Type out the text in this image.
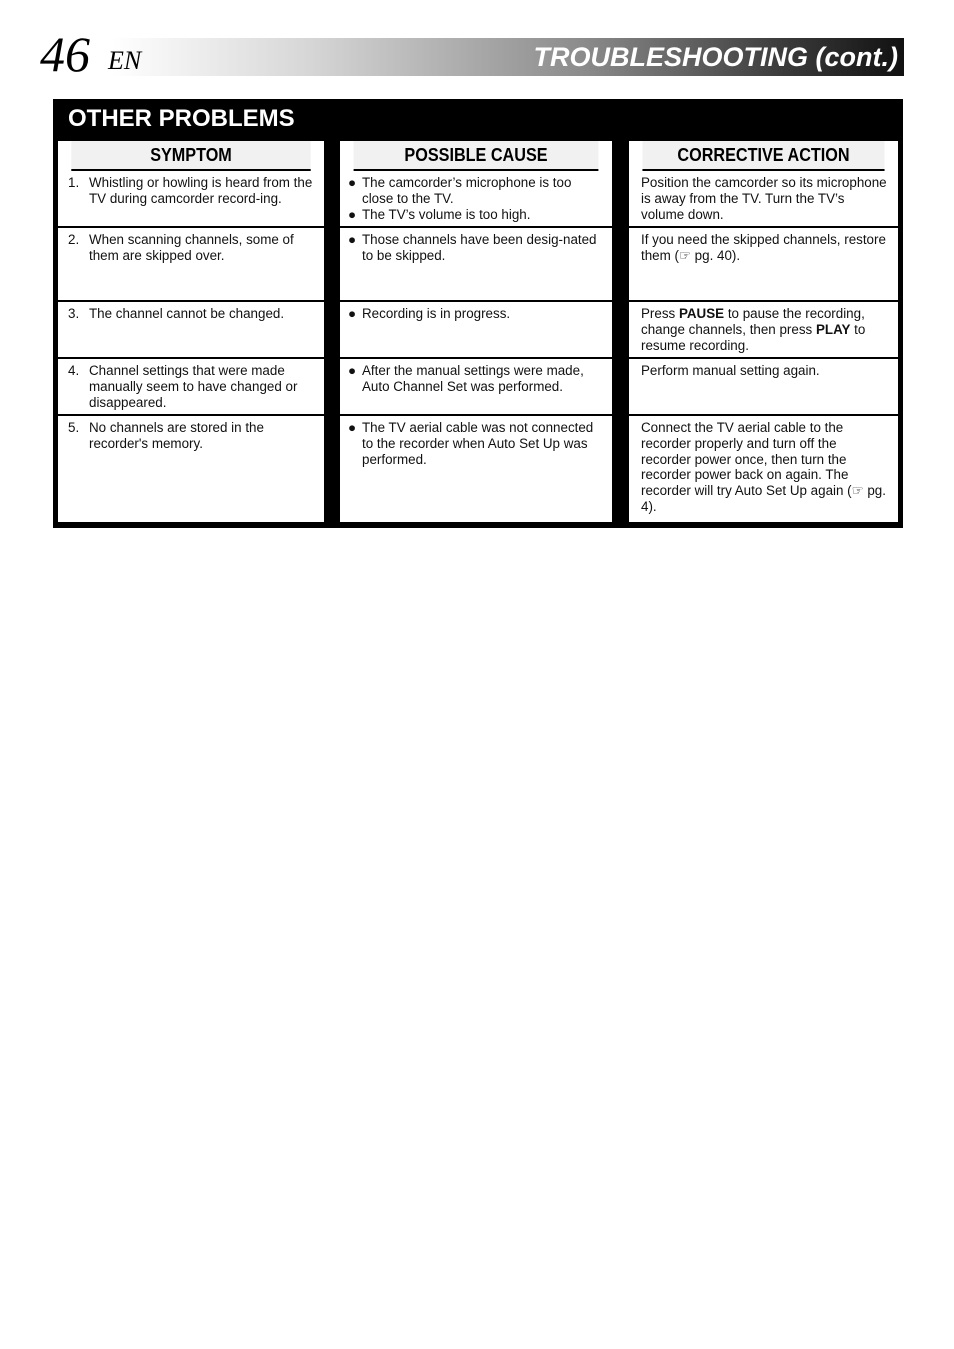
46 EN	TROUBLESHOOTING (cont.)
OTHER PROBLEMS
SYMPTOM
1. Whistling or howling is heard from the TV during camcorder record-ing.
2. When scanning channels, some of them are skipped over.
3. The channel cannot be changed.
4. Channel settings that were made manually seem to have changed or disappeared.
5. No channels are stored in the recorder's memory.
POSSIBLE CAUSE
● The camcorder’s microphone is too close to the TV.
● The TV’s volume is too high.
● Those channels have been desig-nated to be skipped.
● Recording is in progress.
● After the manual settings were made, Auto Channel Set was performed.
● The TV aerial cable was not connected to the recorder when Auto Set Up was performed.
CORRECTIVE ACTION
Position the camcorder so its microphone is away from the TV. Turn the TV’s volume down.
If you need the skipped channels, restore them (☞ pg. 40).
Press PAUSE to pause the recording, change channels, then press PLAY to resume recording.
Perform manual setting again.
Connect the TV aerial cable to the recorder properly and turn off the recorder power once, then turn the recorder power back on again. The recorder will try Auto Set Up again (☞ pg. 4).
